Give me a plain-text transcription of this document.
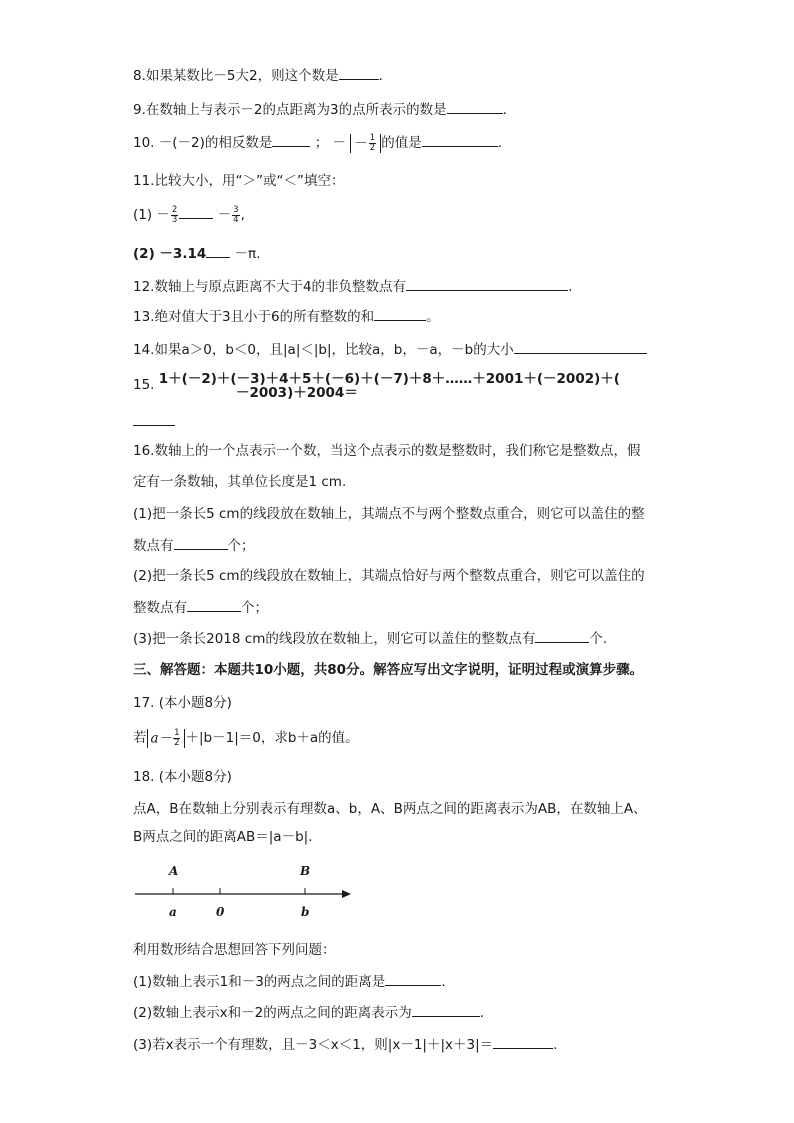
8.如果某数比－5大2，则这个数是	.
9.在数轴上与表示－2的点距离为3的点所表示的数是	.
10. －(－2)的相反数是	； － － $\frac{1}{2}$ 的值是	.
11.比较大小，用“＞”或“＜”填空：
$(1) - \frac{2}{3}$	－ $\frac{3}{4}$ ,
(2) －3.14 －π.
12.数轴上与原点距离不大于4的非负整数点有	.
13.绝对值大于3且小于6的所有整数的和	。
14.如果a＞0，b＜0，且|a|＜|b|，比较a，b，－a，－b的大小
15. 1＋(－2)＋(－3)＋4＋5＋(－6)＋(－7)＋8＋……＋2001＋(－2002)＋(
－2003)＋2004＝
16.数轴上的一个点表示一个数，当这个点表示的数是整数时，我们称它是整数点，假
定有一条数轴，其单位长度是1 cm.
(1)把一条长5 cm的线段放在数轴上，其端点不与两个整数点重合，则它可以盖住的整
数点有	个；
(2)把一条长5 cm的线段放在数轴上，其端点恰好与两个整数点重合，则它可以盖住的
整数点有	个；
(3)把一条长2018 cm的线段放在数轴上，则它可以盖住的整数点有	个.
三、解答题：本题共10小题，共80分。解答应写出文字说明，证明过程或演算步骤。
17. (本小题8分)
若 $a- \frac{1}{2} +|b-1|=0$，求b＋a的值。
18. (本小题8分)
点A，B在数轴上分别表示有理数a、b，A、B两点之间的距离表示为AB，在数轴上A、
B两点之间的距离AB＝|a－b|.
A	B
a	0	b
利用数形结合思想回答下列问题：
(1)数轴上表示1和－3的两点之间的距离是	.
(2)数轴上表示x和－2的两点之间的距离表示为	.
(3)若x表示一个有理数，且－3＜x＜1，则|x－1|＋|x＋3|＝	.
